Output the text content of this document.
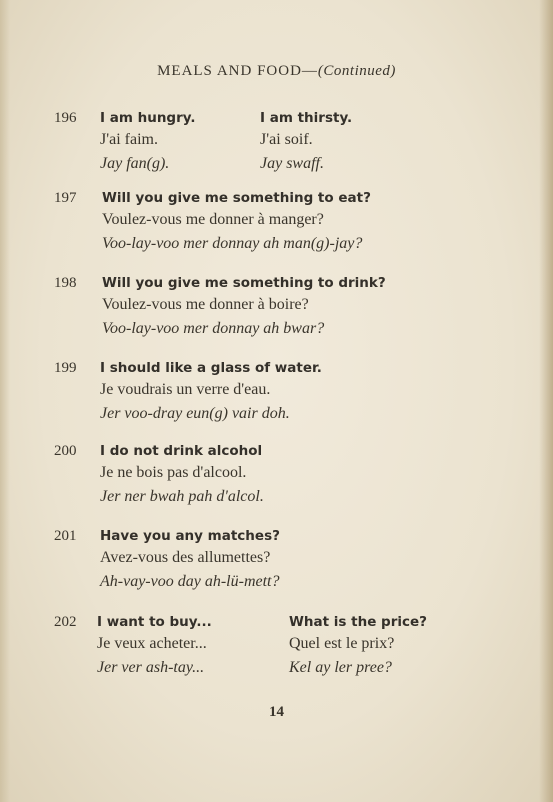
MEALS AND FOOD—(Continued)
196 I am hungry.
J'ai faim.
Jay fan(g).
I am thirsty.
J'ai soif.
Jay swaff.
197 Will you give me something to eat?
Voulez-vous me donner à manger?
Voo-lay-voo mer donnay ah man(g)-jay?
198 Will you give me something to drink?
Voulez-vous me donner à boire?
Voo-lay-voo mer donnay ah bwar?
199 I should like a glass of water.
Je voudrais un verre d'eau.
Jer voo-dray eun(g) vair doh.
200 I do not drink alcohol
Je ne bois pas d'alcool.
Jer ner bwah pah d'alcol.
201 Have you any matches?
Avez-vous des allumettes?
Ah-vay-voo day ah-lü-mett?
202 I want to buy...
Je veux acheter...
Jer ver ash-tay...
What is the price?
Quel est le prix?
Kel ay ler pree?
14
